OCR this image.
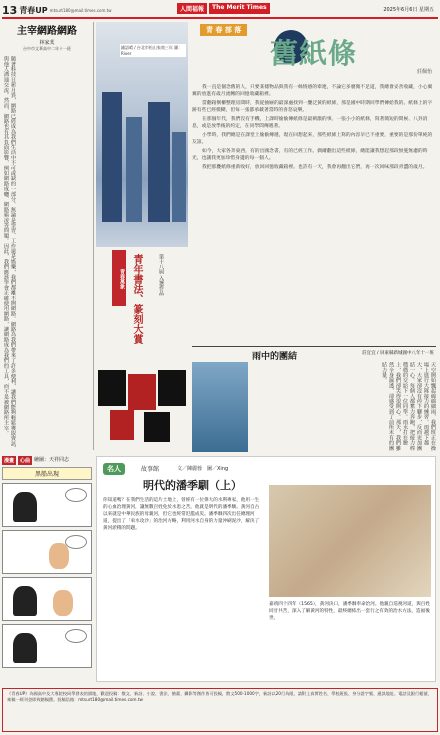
13 青春UP mtsurt180@mail.times.com.tw	人間福報	The Merit Times	2025年6月6日 星期五
主宰網路網路
林家萁
台中市文華高中二年十一班
隨著科技日新月異，網路已經成為我們生活中不可或缺的一部分。無論是學習、工作還是娛樂，我們都離不開網路。網路為我們帶來了許多便利，讓我們能夠輕鬆獲取資訊、與他人溝通交流。然而，網路也有其負面影響，例如網路成癮、網路霸凌等問題。因此，我們應該學會正確使用網路，讓網路成為我們的工具，而不是被網路所主宰。
鍾語晴 / 台北市松山家商三年 圖：River
青 春 部 落
舊紙條
莊佩怡

我一直是個念舊的人，只要某樣物品與我有一絲情感的牽連，不論它多麼微不足道，我總會妥善收藏，小心翼翼的放進有歲月流轉的回憶收藏箱裡。

當翻箱倒櫃整理房間時，我從抽屜的最深處找到一疊泛黃的紙條，那是國中時期同學們傳給我的。紙條上的字跡有些已經模糊，但每一張都承載著當時的喜怒哀樂。

在那個年代，我們沒有手機，上課時偷偷傳紙條是最刺激的事。一張小小的紙條，寫著簡短的問候、八卦消息，或是放學後的約定，在同學間傳遞著。

小學時，我們總是在課堂上偷偷傳遞，現在回想起來，那些紙條上寫的內容早已不重要，重要的是那份單純的友誼。

如今，大家各奔東西，有的出國念書，有的已經工作。偶爾翻出這些紙條，總能讓我想起那段無憂無慮的時光，也讓我更加珍惜身邊的每一個人。

我把那疊紙條重新收好，放回回憶收藏箱裡。也許有一天，我會再翻出它們，再一次回味那段青澀的歲月。

青春萬象 青年書法、篆刻大賞	第十八屆 入選作品
雨中的團結	莊宜宜 / 屏東縣新城國中八年十一班
天空開始飄起綿綿細雨，我們班正在操場上進行大隊接力的練習。雨越下越大，大家卻沒有停下腳步，反而更加團結一心。每個人都奮力奔跑，把接力棒穩穩的交給下一位同學。雨水打在臉上，我們卻笑得很開心。那天，我們雖然全身濕透，卻感受到了前所未有的團結力量。
漫畫	心曲 繪圖：天祥同志
黑船出現
名人	故事館	文／陳麗蓉　圖／Xing
明代的潘季馴（上）
你知道嗎？在我們生活的這片土地上，曾經有一位偉大的水利專家，他用一生的心血治理黃河，讓無數百姓免於水患之苦。他就是明代的潘季馴。黃河自古以來就是中華民族的母親河，但它也經常氾濫成災。潘季馴四次出任總理河道，提出了「束水攻沙」的治河方略，利用河水自身的力量沖刷泥沙，解決了黃河淤積的問題。
嘉靖四十四年（1565），黃河決口，潘季馴奉命治河。他親自巡視河道，與百姓同甘共苦，深入了解黃河的特性，最終總結出一套行之有效的治水方法，造福後世。
《青春UP》為國高中及大專院校同學發表的園地，歡迎投稿：散文、新詩、小說、書法、繪畫、攝影等創作皆可投稿，散文500-1000字，新詩以20行為限，請附上真實姓名、學校班級、身分證字號、通訊地址、電話及銀行帳號，來稿一經刊登即致贈稿費。投稿信箱：mtsurt180@mail.times.com.tw
